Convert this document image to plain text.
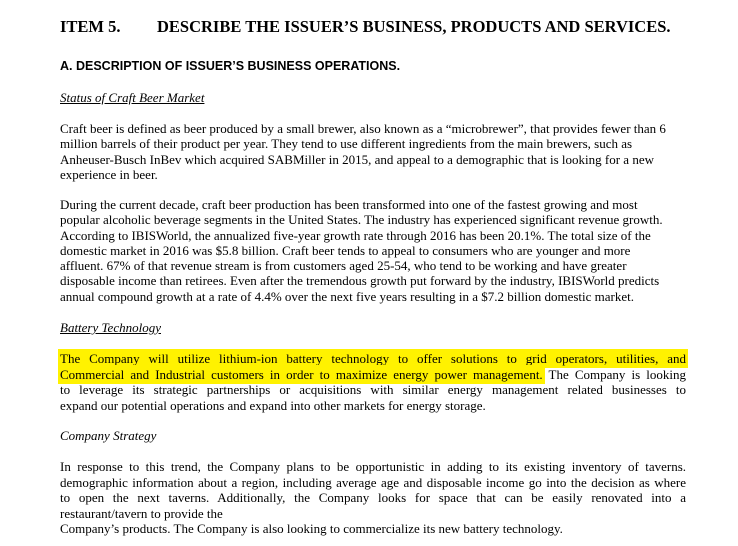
ITEM 5. DESCRIBE THE ISSUER’S BUSINESS, PRODUCTS AND SERVICES.
A. DESCRIPTION OF ISSUER’S BUSINESS OPERATIONS.
Status of Craft Beer Market
Craft beer is defined as beer produced by a small brewer, also known as a “microbrewer”, that provides fewer than 6
million barrels of their product per year. They tend to use different ingredients from the main brewers, such as
Anheuser-Busch InBev which acquired SABMiller in 2015, and appeal to a demographic that is looking for a new
experience in beer.
During the current decade, craft beer production has been transformed into one of the fastest growing and most
popular alcoholic beverage segments in the United States. The industry has experienced significant revenue growth.
According to IBISWorld, the annualized five-year growth rate through 2016 has been 20.1%. The total size of the
domestic market in 2016 was $5.8 billion. Craft beer tends to appeal to consumers who are younger and more
affluent. 67% of that revenue stream is from customers aged 25-54, who tend to be working and have greater
disposable income than retirees. Even after the tremendous growth put forward by the industry, IBISWorld predicts
annual compound growth at a rate of 4.4% over the next five years resulting in a $7.2 billion domestic market.
Battery Technology
The Company will utilize lithium-ion battery technology to offer solutions to grid operators, utilities, and
Commercial and Industrial customers in order to maximize energy power management. The Company is looking
to leverage its strategic partnerships or acquisitions with similar energy management related businesses to
expand our potential operations and expand into other markets for energy storage.
Company Strategy
In response to this trend, the Company plans to be opportunistic in adding to its existing inventory of taverns.
demographic information about a region, including average age and disposable income go into the decision as where
to open the next taverns. Additionally, the Company looks for space that can be easily renovated into a
restaurant/tavern to provide the
Company’s products. The Company is also looking to commercialize its new battery technology.
